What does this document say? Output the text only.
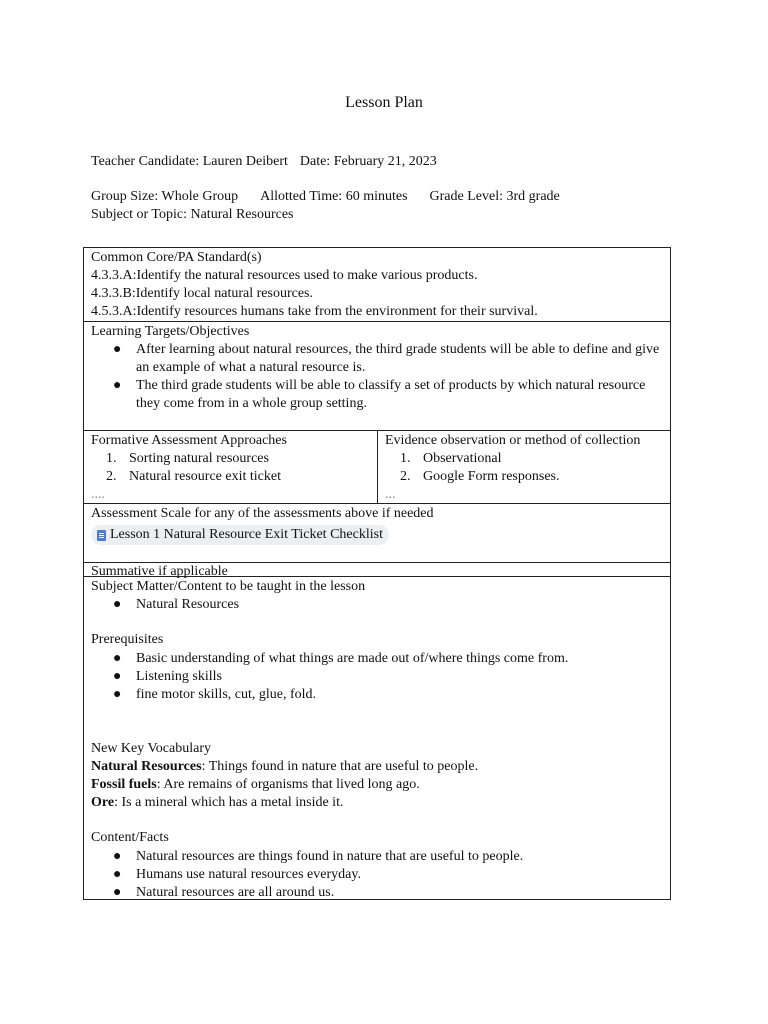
Lesson Plan
Teacher Candidate: Lauren Deibert Date: February 21, 2023
Group Size: Whole Group Allotted Time: 60 minutes Grade Level: 3rd grade
Subject or Topic: Natural Resources
Common Core/PA Standard(s)
4.3.3.A:Identify the natural resources used to make various products.
4.3.3.B:Identify local natural resources.
4.5.3.A:Identify resources humans take from the environment for their survival.
Learning Targets/Objectives
● After learning about natural resources, the third grade students will be able to define and give an example of what a natural resource is.
● The third grade students will be able to classify a set of products by which natural resource they come from in a whole group setting.
Formative Assessment Approaches
1. Sorting natural resources
2. Natural resource exit ticket
....
Evidence observation or method of collection
1. Observational
2. Google Form responses.
...
Assessment Scale for any of the assessments above if needed
Lesson 1 Natural Resource Exit Ticket Checklist
Summative if applicable
Subject Matter/Content to be taught in the lesson
● Natural Resources
Prerequisites
● Basic understanding of what things are made out of/where things come from.
● Listening skills
● fine motor skills, cut, glue, fold.
New Key Vocabulary
Natural Resources: Things found in nature that are useful to people.
Fossil fuels: Are remains of organisms that lived long ago.
Ore: Is a mineral which has a metal inside it.
Content/Facts
● Natural resources are things found in nature that are useful to people.
● Humans use natural resources everyday.
● Natural resources are all around us.
